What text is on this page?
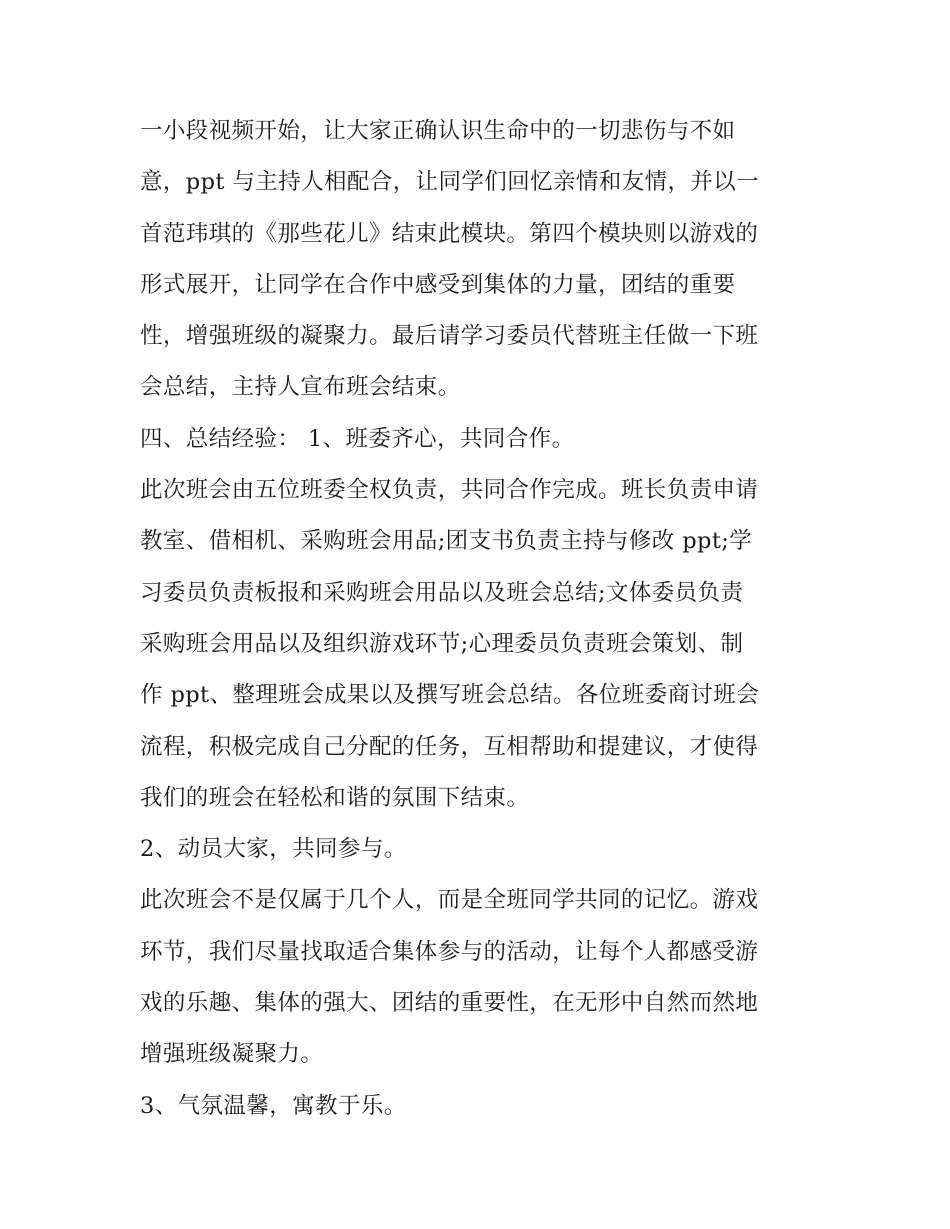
一小段视频开始，让大家正确认识生命中的一切悲伤与不如
意，ppt 与主持人相配合，让同学们回忆亲情和友情，并以一
首范玮琪的《那些花儿》结束此模块。第四个模块则以游戏的
形式展开，让同学在合作中感受到集体的力量，团结的重要
性，增强班级的凝聚力。最后请学习委员代替班主任做一下班
会总结，主持人宣布班会结束。
四、总结经验： 1、班委齐心，共同合作。
此次班会由五位班委全权负责，共同合作完成。班长负责申请
教室、借相机、采购班会用品;团支书负责主持与修改 ppt;学
习委员负责板报和采购班会用品以及班会总结;文体委员负责
采购班会用品以及组织游戏环节;心理委员负责班会策划、制
作 ppt、整理班会成果以及撰写班会总结。各位班委商讨班会
流程，积极完成自己分配的任务，互相帮助和提建议，才使得
我们的班会在轻松和谐的氛围下结束。
2、动员大家，共同参与。
此次班会不是仅属于几个人，而是全班同学共同的记忆。游戏
环节，我们尽量找取适合集体参与的活动，让每个人都感受游
戏的乐趣、集体的强大、团结的重要性，在无形中自然而然地
增强班级凝聚力。
3、气氛温馨，寓教于乐。
